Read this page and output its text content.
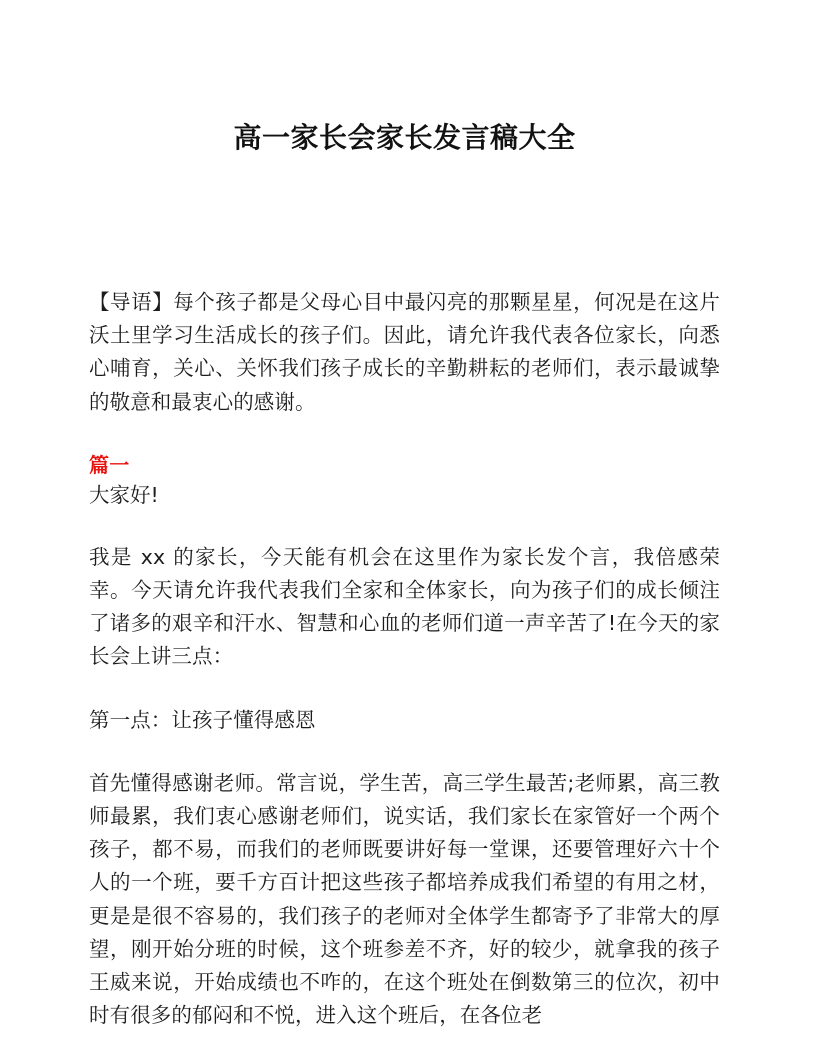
高一家长会家长发言稿大全

【导语】每个孩子都是父母心目中最闪亮的那颗星星，何况是在这片沃土里学习生活成长的孩子们。因此，请允许我代表各位家长，向悉心哺育，关心、关怀我们孩子成长的辛勤耕耘的老师们，表示最诚挚的敬意和最衷心的感谢。

篇一

大家好!

我是 xx 的家长，今天能有机会在这里作为家长发个言，我倍感荣幸。今天请允许我代表我们全家和全体家长，向为孩子们的成长倾注了诸多的艰辛和汗水、智慧和心血的老师们道一声辛苦了!在今天的家长会上讲三点：

第一点：让孩子懂得感恩

首先懂得感谢老师。常言说，学生苦，高三学生最苦;老师累，高三教师最累，我们衷心感谢老师们，说实话，我们家长在家管好一个两个孩子，都不易，而我们的老师既要讲好每一堂课，还要管理好六十个人的一个班，要千方百计把这些孩子都培养成我们希望的有用之材，更是是很不容易的，我们孩子的老师对全体学生都寄予了非常大的厚望，刚开始分班的时候，这个班参差不齐，好的较少，就拿我的孩子王威来说，开始成绩也不咋的，在这个班处在倒数第三的位次，初中时有很多的郁闷和不悦，进入这个班后，在各位老
